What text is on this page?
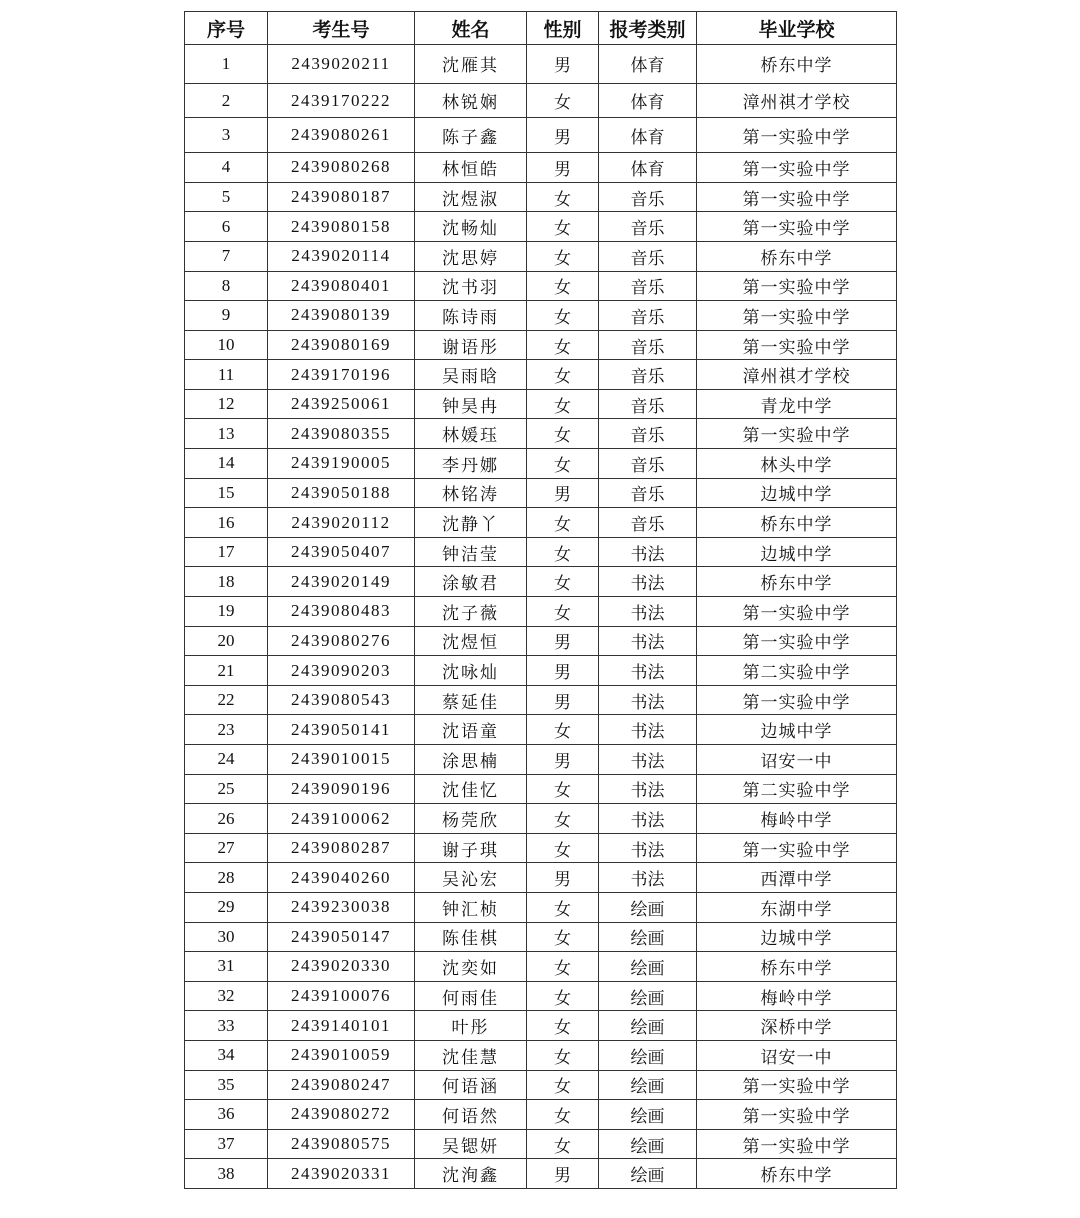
序号	考生号	姓名	性别	报考类别	毕业学校
1	2439020211	沈雁其	男	体育	桥东中学
2	2439170222	林锐娴	女	体育	漳州祺才学校
3	2439080261	陈子鑫	男	体育	第一实验中学
4	2439080268	林恒皓	男	体育	第一实验中学
5	2439080187	沈煜淑	女	音乐	第一实验中学
6	2439080158	沈畅灿	女	音乐	第一实验中学
7	2439020114	沈思婷	女	音乐	桥东中学
8	2439080401	沈书羽	女	音乐	第一实验中学
9	2439080139	陈诗雨	女	音乐	第一实验中学
10	2439080169	谢语彤	女	音乐	第一实验中学
11	2439170196	吴雨晗	女	音乐	漳州祺才学校
12	2439250061	钟昊冉	女	音乐	青龙中学
13	2439080355	林媛珏	女	音乐	第一实验中学
14	2439190005	李丹娜	女	音乐	林头中学
15	2439050188	林铭涛	男	音乐	边城中学
16	2439020112	沈静丫	女	音乐	桥东中学
17	2439050407	钟洁莹	女	书法	边城中学
18	2439020149	涂敏君	女	书法	桥东中学
19	2439080483	沈子薇	女	书法	第一实验中学
20	2439080276	沈煜恒	男	书法	第一实验中学
21	2439090203	沈咏灿	男	书法	第二实验中学
22	2439080543	蔡延佳	男	书法	第一实验中学
23	2439050141	沈语童	女	书法	边城中学
24	2439010015	涂思楠	男	书法	诏安一中
25	2439090196	沈佳忆	女	书法	第二实验中学
26	2439100062	杨莞欣	女	书法	梅岭中学
27	2439080287	谢子琪	女	书法	第一实验中学
28	2439040260	吴沁宏	男	书法	西潭中学
29	2439230038	钟汇桢	女	绘画	东湖中学
30	2439050147	陈佳棋	女	绘画	边城中学
31	2439020330	沈奕如	女	绘画	桥东中学
32	2439100076	何雨佳	女	绘画	梅岭中学
33	2439140101	叶彤	女	绘画	深桥中学
34	2439010059	沈佳慧	女	绘画	诏安一中
35	2439080247	何语涵	女	绘画	第一实验中学
36	2439080272	何语然	女	绘画	第一实验中学
37	2439080575	吴锶妍	女	绘画	第一实验中学
38	2439020331	沈洵鑫	男	绘画	桥东中学
